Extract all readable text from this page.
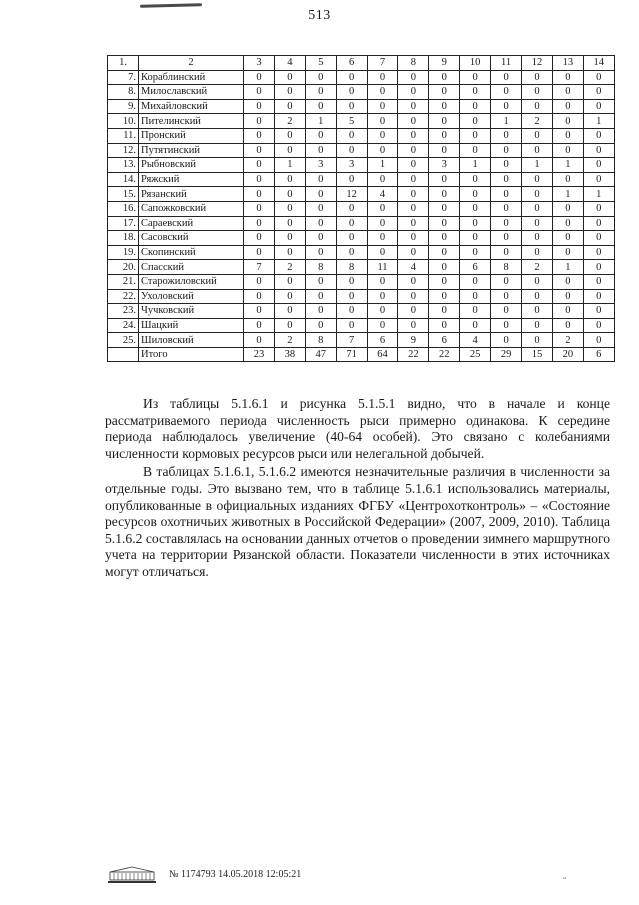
513
1.	2	3	4	5	6	7	8	9	10	11	12	13	14
7.	Кораблинский	0	0	0	0	0	0	0	0	0	0	0	0
8.	Милославский	0	0	0	0	0	0	0	0	0	0	0	0
9.	Михайловский	0	0	0	0	0	0	0	0	0	0	0	0
10.	Пителинский	0	2	1	5	0	0	0	0	1	2	0	1
11.	Пронский	0	0	0	0	0	0	0	0	0	0	0	0
12.	Путятинский	0	0	0	0	0	0	0	0	0	0	0	0
13.	Рыбновский	0	1	3	3	1	0	3	1	0	1	1	0
14.	Ряжский	0	0	0	0	0	0	0	0	0	0	0	0
15.	Рязанский	0	0	0	12	4	0	0	0	0	0	1	1
16.	Сапожковский	0	0	0	0	0	0	0	0	0	0	0	0
17.	Сараевский	0	0	0	0	0	0	0	0	0	0	0	0
18.	Сасовский	0	0	0	0	0	0	0	0	0	0	0	0
19.	Скопинский	0	0	0	0	0	0	0	0	0	0	0	0
20.	Спасский	7	2	8	8	11	4	0	6	8	2	1	0
21.	Старожиловский	0	0	0	0	0	0	0	0	0	0	0	0
22.	Ухоловский	0	0	0	0	0	0	0	0	0	0	0	0
23.	Чучковский	0	0	0	0	0	0	0	0	0	0	0	0
24.	Шацкий	0	0	0	0	0	0	0	0	0	0	0	0
25.	Шиловский	0	2	8	7	6	9	6	4	0	0	2	0
	Итого	23	38	47	71	64	22	22	25	29	15	20	6

Из таблицы 5.1.6.1 и рисунка 5.1.5.1 видно, что в начале и конце рассматриваемого периода численность рыси примерно одинакова. К середине периода наблюдалось увеличение (40-64 особей). Это связано с колебаниями численности кормовых ресурсов рыси или нелегальной добычей.

В таблицах 5.1.6.1, 5.1.6.2 имеются незначительные различия в численности за отдельные годы. Это вызвано тем, что в таблице 5.1.6.1 использовались материалы, опубликованные в официальных изданиях ФГБУ «Центрохотконтроль» – «Состояние ресурсов охотничьих животных в Российской Федерации» (2007, 2009, 2010). Таблица 5.1.6.2 составлялась на основании данных отчетов о проведении зимнего маршрутного учета на территории Рязанской области. Показатели численности в этих источниках могут отличаться.

№ 1174793 14.05.2018 12:05:21	ᵕ
